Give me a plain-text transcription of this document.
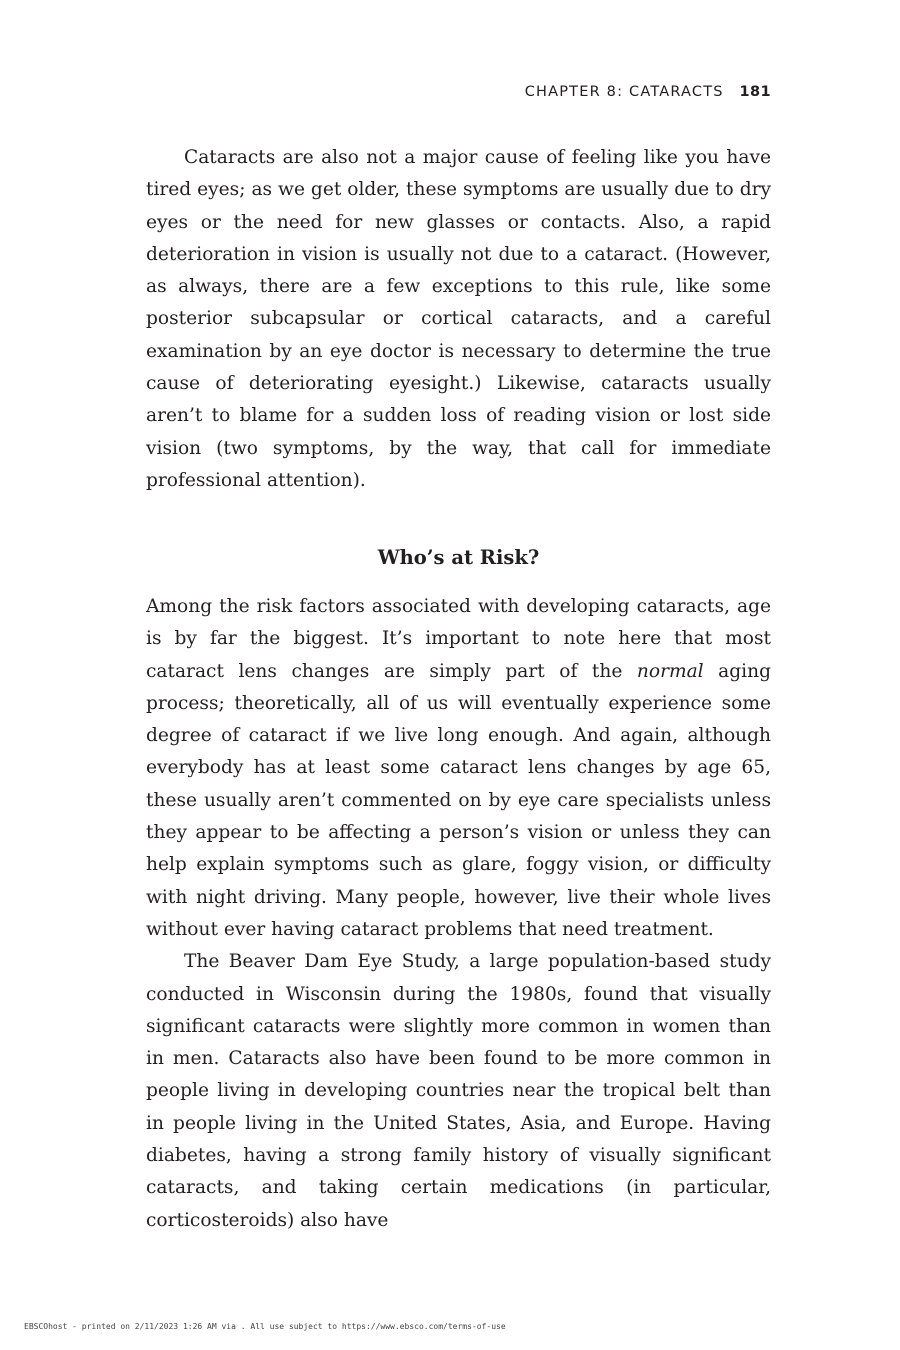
CHAPTER 8: CATARACTS 181

Cataracts are also not a major cause of feeling like you have tired eyes; as we get older, these symptoms are usually due to dry eyes or the need for new glasses or contacts. Also, a rapid deterioration in vision is usually not due to a cataract. (However, as always, there are a few exceptions to this rule, like some posterior subcapsular or cortical cataracts, and a careful examination by an eye doctor is necessary to determine the true cause of deteriorating eyesight.) Likewise, cataracts usually aren’t to blame for a sudden loss of reading vision or lost side vision (two symptoms, by the way, that call for immediate professional attention).

Who’s at Risk?

Among the risk factors associated with developing cataracts, age is by far the biggest. It’s important to note here that most cataract lens changes are simply part of the normal aging process; theoretically, all of us will eventually experience some degree of cataract if we live long enough. And again, although everybody has at least some cataract lens changes by age 65, these usually aren’t commented on by eye care specialists unless they appear to be affecting a person’s vision or unless they can help explain symptoms such as glare, foggy vision, or difficulty with night driving. Many people, however, live their whole lives without ever having cataract problems that need treatment.

The Beaver Dam Eye Study, a large population-based study conducted in Wisconsin during the 1980s, found that visually significant cataracts were slightly more common in women than in men. Cataracts also have been found to be more common in people living in developing countries near the tropical belt than in people living in the United States, Asia, and Europe. Having diabetes, having a strong family history of visually significant cataracts, and taking certain medications (in particular, corticosteroids) also have

EBSCOhost - printed on 2/11/2023 1:26 AM via . All use subject to https://www.ebsco.com/terms-of-use
